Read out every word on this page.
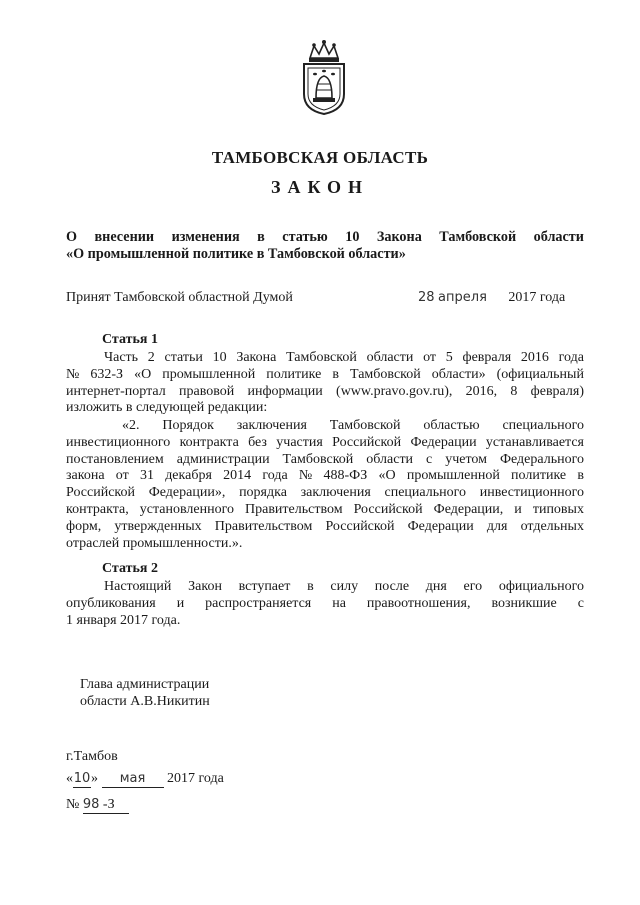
ТАМБОВСКАЯ ОБЛАСТЬ
ЗАКОН
О внесении изменения в статью 10 Закона Тамбовской области
«О промышленной политике в Тамбовской области»
Принят Тамбовской областной Думой	28 апреля 2017 года
Статья 1
Часть 2 статьи 10 Закона Тамбовской области от 5 февраля 2016 года
№ 632-З «О промышленной политике в Тамбовской области» (официальный
интернет-портал правовой информации (www.pravo.gov.ru), 2016, 8 февраля)
изложить в следующей редакции:
«2. Порядок заключения Тамбовской областью специального
инвестиционного контракта без участия Российской Федерации устанавливается
постановлением администрации Тамбовской области с учетом Федерального
закона от 31 декабря 2014 года № 488-ФЗ «О промышленной политике в
Российской Федерации», порядка заключения специального инвестиционного
контракта, установленного Правительством Российской Федерации, и типовых
форм, утвержденных Правительством Российской Федерации для отдельных
отраслей промышленности.».
Статья 2
Настоящий Закон вступает в силу после дня его официального
опубликования и распространяется на правоотношения, возникшие с
1 января 2017 года.
Глава администрации
области А.В.Никитин
г.Тамбов
«10» мая 2017 года
№ 98 -З
